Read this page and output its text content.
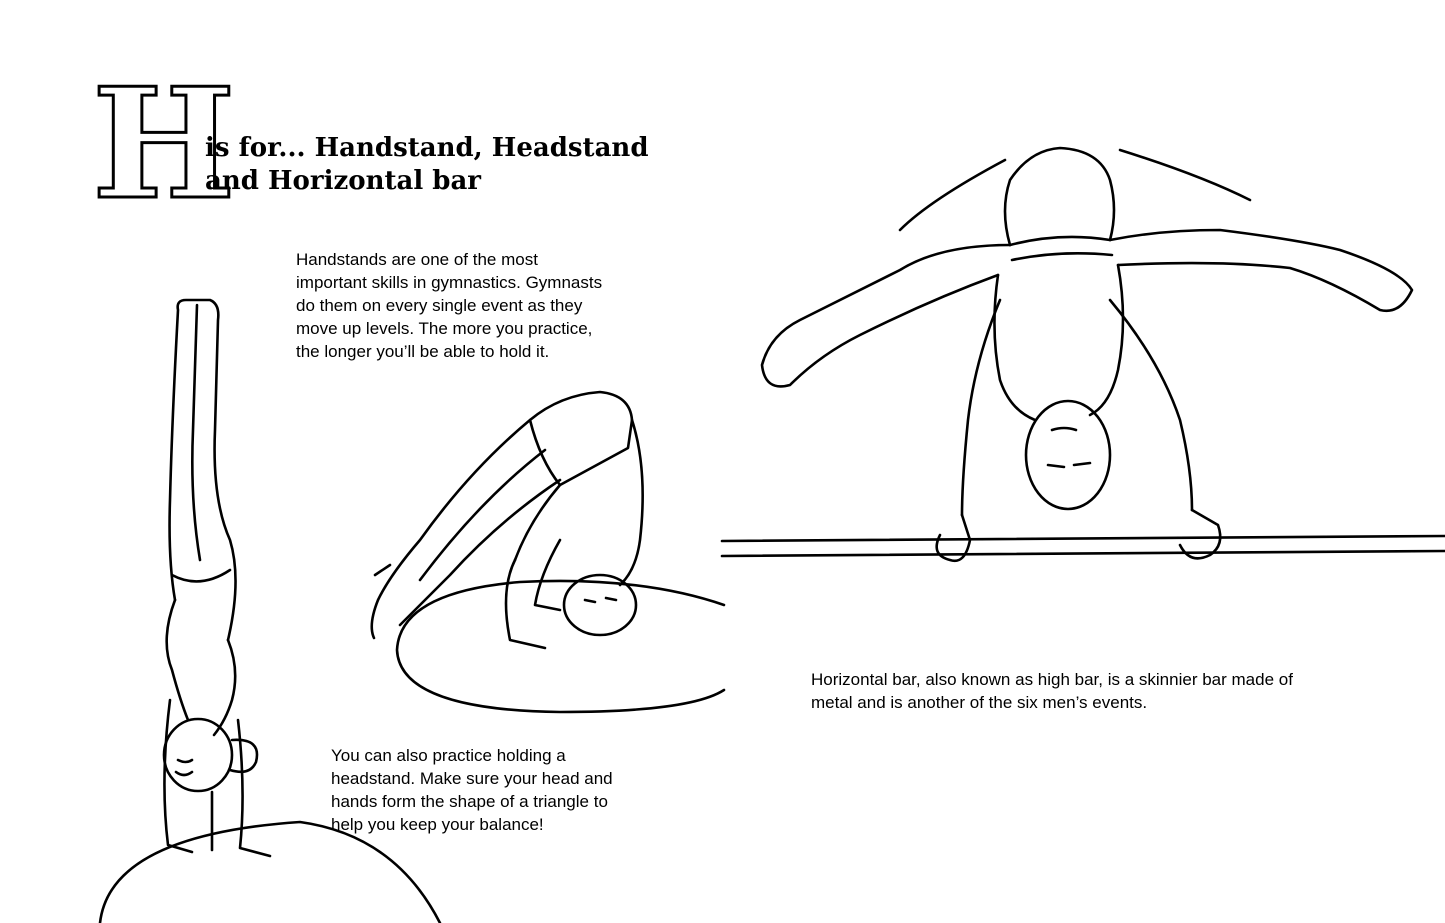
H
is for... Handstand, Headstand
and Horizontal bar

Handstands are one of the most
important skills in gymnastics. Gymnasts
do them on every single event as they
move up levels. The more you practice,
the longer you’ll be able to hold it.

You can also practice holding a
headstand. Make sure your head and
hands form the shape of a triangle to
help you keep your balance!

Horizontal bar, also known as high bar, is a skinnier bar made of
metal and is another of the six men’s events.
